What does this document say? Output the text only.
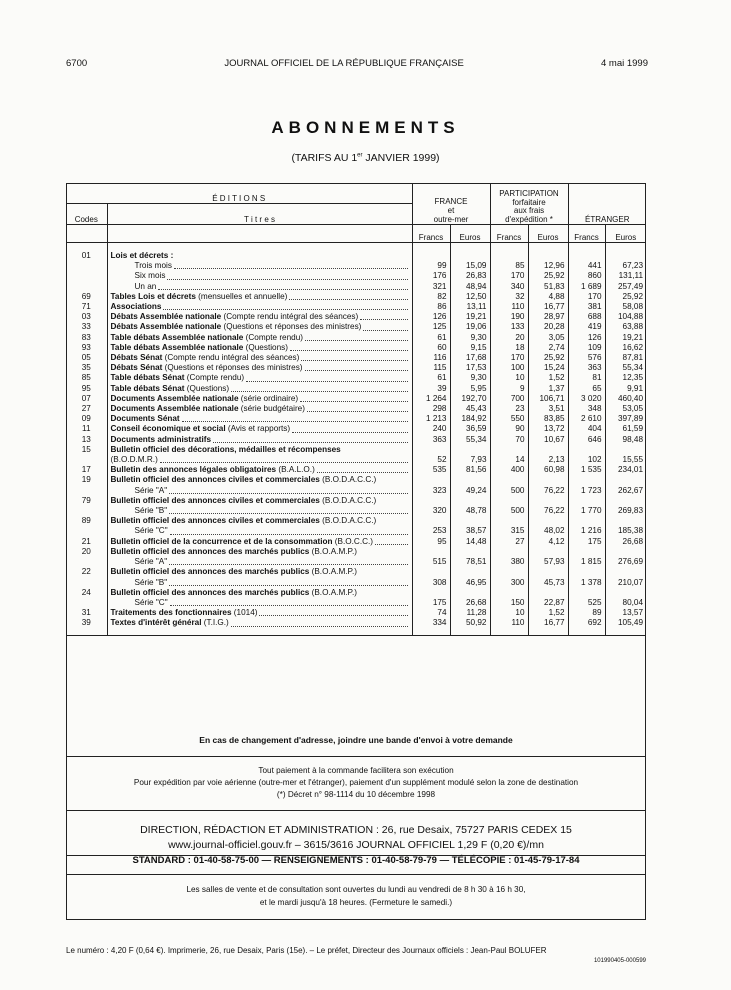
6700	JOURNAL OFFICIEL DE LA RÉPUBLIQUE FRANÇAISE	4 mai 1999
ABONNEMENTS
(TARIFS AU 1er JANVIER 1999)
É D I T I O N S		FRANCE
et
outre-mer		PARTICIPATION
forfaitaire
aux frais
d'expédition *		ÉTRANGER	
Codes	T i t r e s						
		Francs	Euros	Francs	Euros	Francs	Euros

01	Lois et décrets :						

	Trois mois	99	15,09	85	12,96	441	67,23

	Six mois	176	26,83	170	25,92	860	131,11

	Un an	321	48,94	340	51,83	1 689	257,49
69	Tables Lois et décrets (mensuelles et annuelle)	82	12,50	32	4,88	170	25,92
71	Associations	86	13,11	110	16,77	381	58,08
03	Débats Assemblée nationale (Compte rendu intégral des séances)	126	19,21	190	28,97	688	104,88
33	Débats Assemblée nationale (Questions et réponses des ministres)	125	19,06	133	20,28	419	63,88
83	Table débats Assemblée nationale (Compte rendu)	61	9,30	20	3,05	126	19,21
93	Table débats Assemblée nationale (Questions)	60	9,15	18	2,74	109	16,62
05	Débats Sénat (Compte rendu intégral des séances)	116	17,68	170	25,92	576	87,81
35	Débats Sénat (Questions et réponses des ministres)	115	17,53	100	15,24	363	55,34
85	Table débats Sénat (Compte rendu)	61	9,30	10	1,52	81	12,35
95	Table débats Sénat (Questions)	39	5,95	9	1,37	65	9,91
07	Documents Assemblée nationale (série ordinaire)	1 264	192,70	700	106,71	3 020	460,40
27	Documents Assemblée nationale (série budgétaire)	298	45,43	23	3,51	348	53,05
09	Documents Sénat	1 213	184,92	550	83,85	2 610	397,89
11	Conseil économique et social (Avis et rapports)	240	36,59	90	13,72	404	61,59
13	Documents administratifs	363	55,34	70	10,67	646	98,48
15	Bulletin officiel des décorations, médailles et récompenses						

	(B.O.D.M.R.)	52	7,93	14	2,13	102	15,55
17	Bulletin des annonces légales obligatoires (B.A.L.O.)	535	81,56	400	60,98	1 535	234,01
19	Bulletin officiel des annonces civiles et commerciales (B.O.D.A.C.C.)						

	Série "A"	323	49,24	500	76,22	1 723	262,67
79	Bulletin officiel des annonces civiles et commerciales (B.O.D.A.C.C.)						

	Série "B"	320	48,78	500	76,22	1 770	269,83
89	Bulletin officiel des annonces civiles et commerciales (B.O.D.A.C.C.)						

	Série "C"	253	38,57	315	48,02	1 216	185,38
21	Bulletin officiel de la concurrence et de la consommation (B.O.C.C.)	95	14,48	27	4,12	175	26,68
20	Bulletin officiel des annonces des marchés publics (B.O.A.M.P.)						

	Série "A"	515	78,51	380	57,93	1 815	276,69
22	Bulletin officiel des annonces des marchés publics (B.O.A.M.P.)						

	Série "B"	308	46,95	300	45,73	1 378	210,07
24	Bulletin officiel des annonces des marchés publics (B.O.A.M.P.)						

	Série "C"	175	26,68	150	22,87	525	80,04
31	Traitements des fonctionnaires (1014)	74	11,28	10	1,52	89	13,57
39	Textes d'intérêt général (T.I.G.)	334	50,92	110	16,77	692	105,49

En cas de changement d'adresse, joindre une bande d'envoi à votre demande
Tout paiement à la commande facilitera son exécution
Pour expédition par voie aérienne (outre-mer et l'étranger), paiement d'un supplément modulé selon la zone de destination
(*) Décret n° 98-1114 du 10 décembre 1998
DIRECTION, RÉDACTION ET ADMINISTRATION : 26, rue Desaix, 75727 PARIS CEDEX 15
www.journal-officiel.gouv.fr – 3615/3616 JOURNAL OFFICIEL 1,29 F (0,20 €)/mn
STANDARD : 01-40-58-75-00 — RENSEIGNEMENTS : 01-40-58-79-79 — TÉLÉCOPIE : 01-45-79-17-84
Les salles de vente et de consultation sont ouvertes du lundi au vendredi de 8 h 30 à 16 h 30,
et le mardi jusqu'à 18 heures. (Fermeture le samedi.)
Le numéro : 4,20 F (0,64 €). Imprimerie, 26, rue Desaix, Paris (15e). – Le préfet, Directeur des Journaux officiels : Jean-Paul BOLUFER
101990405-000599
